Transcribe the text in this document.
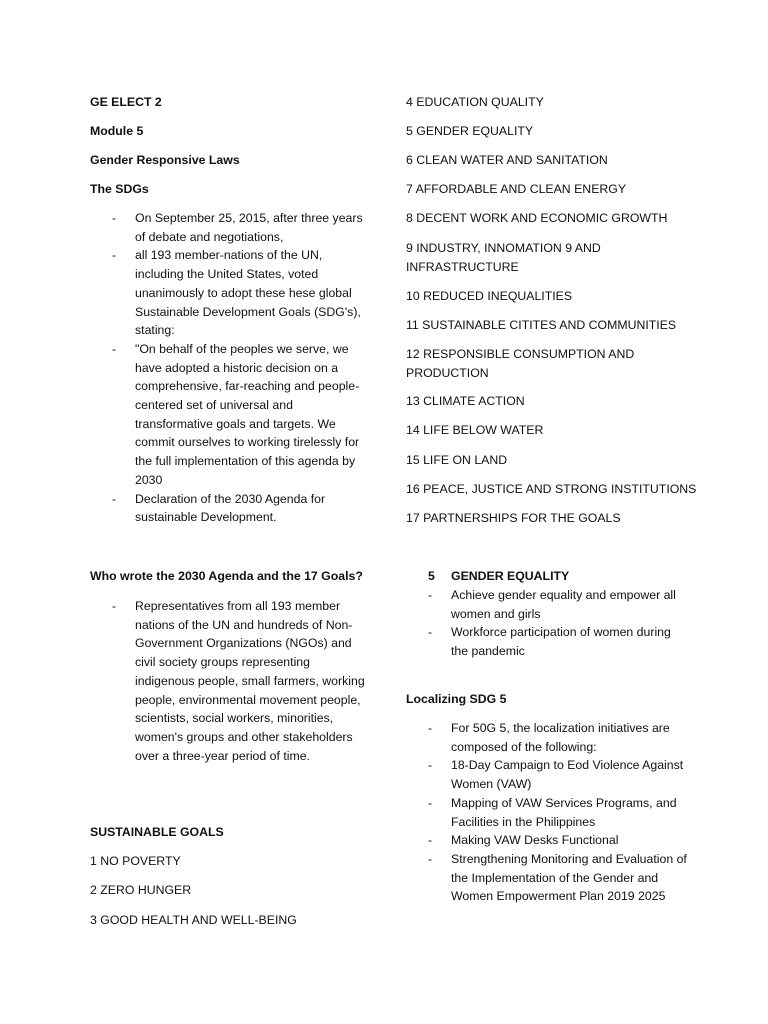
GE ELECT 2

Module 5

Gender Responsive Laws

The SDGs

- On September 25, 2015, after three years of debate and negotiations,
- all 193 member-nations of the UN, including the United States, voted unanimously to adopt these hese global Sustainable Development Goals (SDG's), stating:
- "On behalf of the peoples we serve, we have adopted a historic decision on a comprehensive, far-reaching and people-centered set of universal and transformative goals and targets. We commit ourselves to working tirelessly for the full implementation of this agenda by 2030
- Declaration of the 2030 Agenda for sustainable Development.

Who wrote the 2030 Agenda and the 17 Goals?

- Representatives from all 193 member nations of the UN and hundreds of Non-Government Organizations (NGOs) and civil society groups representing indigenous people, small farmers, working people, environmental movement people, scientists, social workers, minorities, women's groups and other stakeholders over a three-year period of time.

SUSTAINABLE GOALS

1 NO POVERTY

2 ZERO HUNGER

3 GOOD HEALTH AND WELL-BEING

4 EDUCATION QUALITY

5 GENDER EQUALITY

6 CLEAN WATER AND SANITATION

7 AFFORDABLE AND CLEAN ENERGY

8 DECENT WORK AND ECONOMIC GROWTH

9 INDUSTRY, INNOMATION 9 AND INFRASTRUCTURE

10 REDUCED INEQUALITIES

11 SUSTAINABLE CITITES AND COMMUNITIES

12 RESPONSIBLE CONSUMPTION AND PRODUCTION

13 CLIMATE ACTION

14 LIFE BELOW WATER

15 LIFE ON LAND

16 PEACE, JUSTICE AND STRONG INSTITUTIONS

17 PARTNERSHIPS FOR THE GOALS

5	GENDER EQUALITY
- Achieve gender equality and empower all women and girls
- Workforce participation of women during the pandemic

Localizing SDG 5

- For 50G 5, the localization initiatives are composed of the following:
- 18-Day Campaign to Eod Violence Against Women (VAW)
- Mapping of VAW Services Programs, and Facilities in the Philippines
- Making VAW Desks Functional
- Strengthening Monitoring and Evaluation of the Implementation of the Gender and Women Empowerment Plan 2019 2025
